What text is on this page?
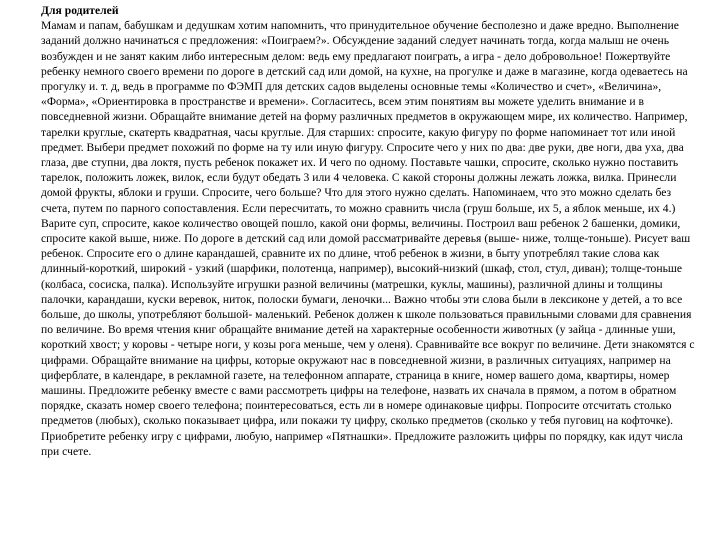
Для родителей
Мамам и папам, бабушкам и дедушкам хотим напомнить, что принудительное обучение бесполезно и даже вредно. Выполнение заданий должно начинаться с предложения: «Поиграем?». Обсуждение заданий следует начинать тогда, когда малыш не очень возбужден и не занят каким либо интересным делом: ведь ему предлагают поиграть, а игра - дело добровольное! Пожертвуйте ребенку немного своего времени по дороге в детский сад или домой, на кухне, на прогулке и даже в магазине, когда одеваетесь на прогулку и. т. д, ведь в программе по ФЭМП для детских садов выделены основные темы «Количество и счет», «Величина», «Форма», «Ориентировка в пространстве и времени». Согласитесь, всем этим понятиям вы можете уделить внимание и в повседневной жизни. Обращайте внимание детей на форму различных предметов в окружающем мире, их количество. Например, тарелки круглые, скатерть квадратная, часы круглые. Для старших: спросите, какую фигуру по форме напоминает тот или иной предмет. Выбери предмет похожий по форме на ту или иную фигуру. Спросите чего у них по два: две руки, две ноги, два уха, два глаза, две ступни, два локтя, пусть ребенок покажет их. И чего по одному. Поставьте чашки, спросите, сколько нужно поставить тарелок, положить ложек, вилок, если будут обедать 3 или 4 человека. С какой стороны должны лежать ложка, вилка. Принесли домой фрукты, яблоки и груши. Спросите, чего больше? Что для этого нужно сделать. Напоминаем, что это можно сделать без счета, путем по парного сопоставления. Если пересчитать, то можно сравнить числа (груш больше, их 5, а яблок меньше, их 4.) Варите суп, спросите, какое количество овощей пошло, какой они формы, величины. Построил ваш ребенок 2 башенки, домики, спросите какой выше, ниже. По дороге в детский сад или домой рассматривайте деревья (выше- ниже, толще-тоньше). Рисует ваш ребенок. Спросите его о длине карандашей, сравните их по длине, чтоб ребенок в жизни, в быту употреблял такие слова как длинный-короткий, широкий - узкий (шарфики, полотенца, например), высокий-низкий (шкаф, стол, стул, диван); толще-тоньше (колбаса, сосиска, палка). Используйте игрушки разной величины (матрешки, куклы, машины), различной длины и толщины палочки, карандаши, куски веревок, ниток, полоски бумаги, леночки... Важно чтобы эти слова были в лексиконе у детей, а то все больше, до школы, употребляют большой- маленький. Ребенок должен к школе пользоваться правильными словами для сравнения по величине. Во время чтения книг обращайте внимание детей на характерные особенности животных (у зайца - длинные уши, короткий хвост; у коровы - четыре ноги, у козы рога меньше, чем у оленя). Сравнивайте все вокруг по величине. Дети знакомятся с цифрами. Обращайте внимание на цифры, которые окружают нас в повседневной жизни, в различных ситуациях, например на циферблате, в календаре, в рекламной газете, на телефонном аппарате, страница в книге, номер вашего дома, квартиры, номер машины. Предложите ребенку вместе с вами рассмотреть цифры на телефоне, назвать их сначала в прямом, а потом в обратном порядке, сказать номер своего телефона; поинтересоваться, есть ли в номере одинаковые цифры. Попросите отсчитать столько предметов (любых), сколько показывает цифра, или покажи ту цифру, сколько предметов (сколько у тебя пуговиц на кофточке). Приобретите ребенку игру с цифрами, любую, например «Пятнашки». Предложите разложить цифры по порядку, как идут числа при счете.
